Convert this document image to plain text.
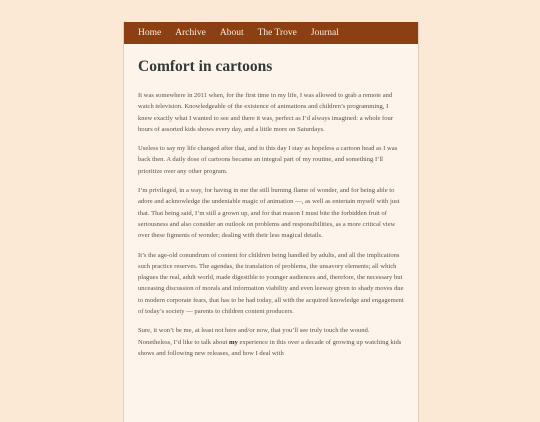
Home Archive About The Trove Journal
Comfort in cartoons

It was somewhere in 2011 when, for the first time in my life, I was allowed to grab a remote and watch television. Knowledgeable of the existence of animations and children’s programming, I knew exactly what I wanted to see and there it was, perfect as I’d always imagined: a whole four hours of assorted kids shows every day, and a little more on Saturdays.

Useless to say my life changed after that, and to this day I stay as hopeless a cartoon head as I was back then. A daily dose of cartoons became an integral part of my routine, and something I’ll prioritize over any other program.

I’m privileged, in a way, for having in me the still burning flame of wonder, and for being able to adore and acknowledge the undeniable magic of animation —, as well as entertain myself with just that. That being said, I’m still a grown up, and for that reason I must bite the forbidden fruit of seriousness and also consider an outlook on problems and responsibilities, as a more critical view over these figments of wonder; dealing with their less magical details.

It’s the age-old conundrum of content for children being handled by adults, and all the implications such practice reserves. The agendas, the translation of problems, the unsavory elements; all which plagues the real, adult world, made digestible to younger audiences and, therefore, the necessary but unceasing discussion of morals and information viability and even leeway given to shady moves due to modern corporate fears, that has to be had today, all with the acquired knowledge and engagement of today’s society — parents to children content producers.

Sure, it won’t be me, at least not here and/or now, that you’ll see truly touch the wound. Nonetheless, I’d like to talk about my experience in this over a decade of growing up watching kids shows and following new releases, and how I deal with
